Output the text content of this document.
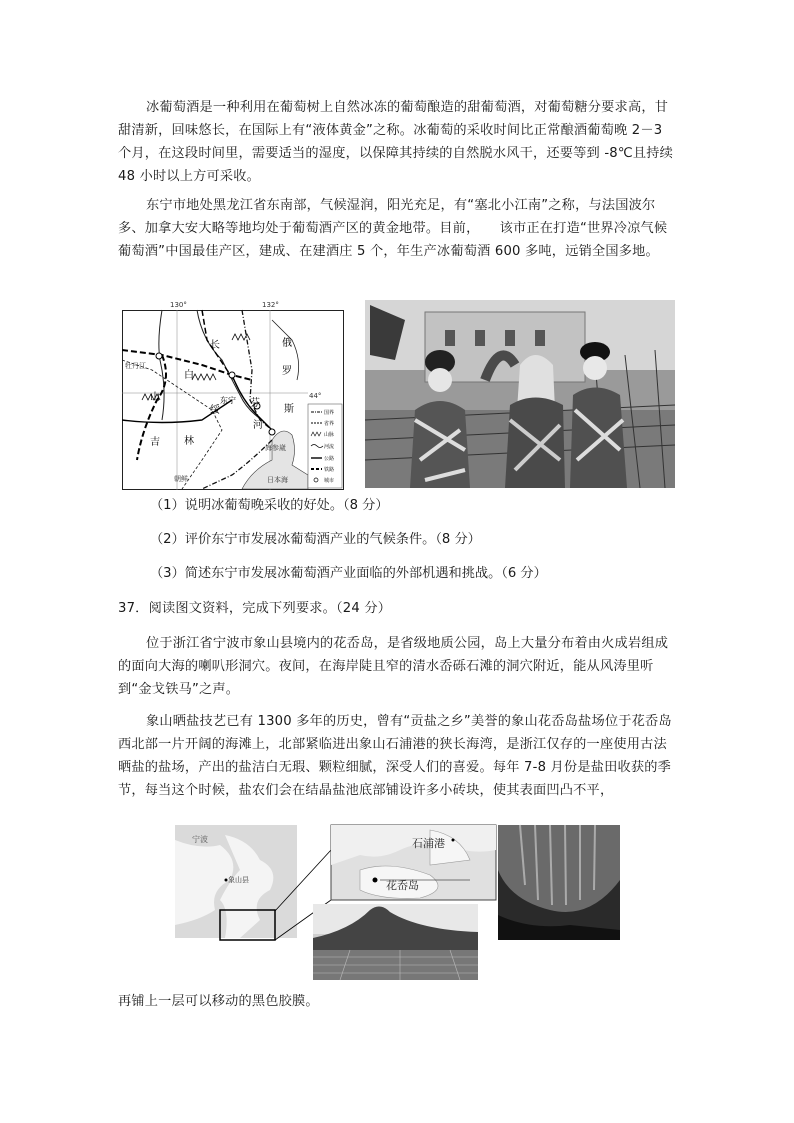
冰葡萄酒是一种利用在葡萄树上自然冰冻的葡萄酿造的甜葡萄酒，对葡萄糖分要求高，甘甜清新，回味悠长，在国际上有“液体黄金”之称。冰葡萄的采收时间比正常酿酒葡萄晚 2－3 个月，在这段时间里，需要适当的湿度，以保障其持续的自然脱水风干，还要等到 -8℃且持续 48 小时以上方可采收。
东宁市地处黑龙江省东南部，气候湿润，阳光充足，有“塞北小江南”之称，与法国波尔多、加拿大安大略等地均处于葡萄酒产区的黄金地带。目前，　　该市正在打造“世界冷凉气候葡萄酒”中国最佳产区，建成、在建酒庄 5 个，年生产冰葡萄酒 600 多吨，远销全国多地。
130°	132°
44°
牡丹江
长
白
山	东宁
绥
芬
河
吉 林
俄
罗
斯
海参崴
朝鲜	日本海
国界
省界
山脉
河流
公路
铁路
城市
（1）说明冰葡萄晚采收的好处。（8 分）
（2）评价东宁市发展冰葡萄酒产业的气候条件。（8 分）
（3）简述东宁市发展冰葡萄酒产业面临的外部机遇和挑战。（6 分）
37．阅读图文资料，完成下列要求。（24 分）
位于浙江省宁波市象山县境内的花岙岛，是省级地质公园，岛上大量分布着由火成岩组成的面向大海的喇叭形洞穴。夜间，在海岸陡且窄的清水岙砾石滩的洞穴附近，能从风涛里听到“金戈铁马”之声。
象山晒盐技艺已有 1300 多年的历史，曾有“贡盐之乡”美誉的象山花岙岛盐场位于花岙岛西北部一片开阔的海滩上，北部紧临进出象山石浦港的狭长海湾，是浙江仅存的一座使用古法晒盐的盐场，产出的盐洁白无瑕、颗粒细腻，深受人们的喜爱。每年 7-8 月份是盐田收获的季节，每当这个时候，盐农们会在结晶盐池底部铺设许多小砖块，使其表面凹凸不平，
宁波
象山县
石浦港
花岙岛
再铺上一层可以移动的黑色胶膜。
